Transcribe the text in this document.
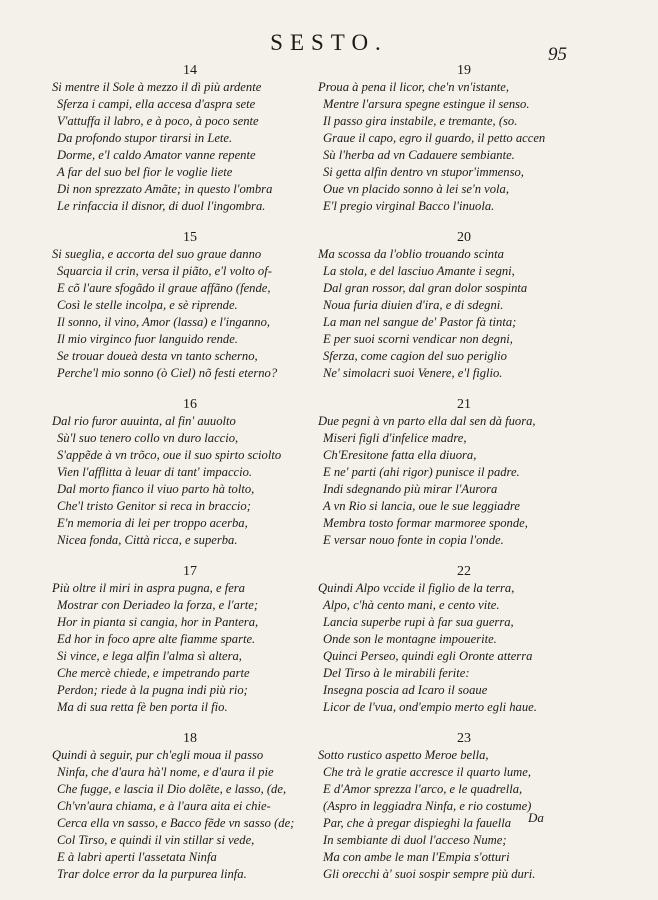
SESTO.	95
14
Si mentre il Sole à mezzo il dì più ardente
Sferza i campi, ella accesa d'aspra sete
V'attuffa il labro, e à poco, à poco sente
Da profondo stupor tirarsi in Lete.
Dorme, e'l caldo Amator vanne repente
A far del suo bel fior le voglie liete
Di non sprezzato Amãte; in questo l'ombra
Le rinfaccia il disnor, di duol l'ingombra.
15
Si sueglia, e accorta del suo graue danno
Squarcia il crin, versa il piãto, e'l volto of-
E cõ l'aure sfogãdo il graue affãno (fende,
Così le stelle incolpa, e sè riprende.
Il sonno, il vino, Amor (lassa) e l'inganno,
Il mio virginco fuor languido rende.
Se trouar doueà desta vn tanto scherno,
Perche'l mio sonno (ò Ciel) nõ festi eterno?
16
Dal rio furor auuinta, al fin' auuolto
Sù'l suo tenero collo vn duro laccio,
S'appẽde à vn trõco, oue il suo spirto sciolto
Vien l'afflitta à leuar di tant' impaccio.
Dal morto fianco il viuo parto hà tolto,
Che'l tristo Genitor si reca in braccio;
E'n memoria di lei per troppo acerba,
Nicea fonda, Città ricca, e superba.
17
Più oltre il miri in aspra pugna, e fera
Mostrar con Deriadeo la forza, e l'arte;
Hor in pianta si cangia, hor in Pantera,
Ed hor in foco apre alte fiamme sparte.
Si vince, e lega alfin l'alma sì altera,
Che mercè chiede, e impetrando parte
Perdon; riede à la pugna indi più rio;
Ma di sua retta fè ben porta il fio.
18
Quindi à seguir, pur ch'egli moua il passo
Ninfa, che d'aura hà'l nome, e d'aura il pie
Che fugge, e lascia il Dio dolẽte, e lasso, (de,
Ch'vn'aura chiama, e à l'aura aita ei chie-
Cerca ella vn sasso, e Bacco fẽde vn sasso (de;
Col Tirso, e quindi il vin stillar si vede,
E à labri aperti l'assetata Ninfa
Trar dolce error da la purpurea linfa.
19
Proua à pena il licor, che'n vn'istante,
Mentre l'arsura spegne estingue il senso.
Il passo gira instabile, e tremante, (so.
Graue il capo, egro il guardo, il petto accen
Sù l'herba ad vn Cadauere sembiante.
Si getta alfin dentro vn stupor'immenso,
Oue vn placido sonno à lei se'n vola,
E'l pregio virginal Bacco l'inuola.
20
Ma scossa da l'oblio trouando scinta
La stola, e del lasciuo Amante i segni,
Dal gran rossor, dal gran dolor sospinta
Noua furia diuien d'ira, e di sdegni.
La man nel sangue de' Pastor fà tinta;
E per suoi scorni vendicar non degni,
Sferza, come cagion del suo periglio
Ne' simolacri suoi Venere, e'l figlio.
21
Due pegni à vn parto ella dal sen dà fuora,
Miseri figli d'infelice madre,
Ch'Eresitone fatta ella diuora,
E ne' parti (ahi rigor) punisce il padre.
Indi sdegnando più mirar l'Aurora
A vn Rio si lancia, oue le sue leggiadre
Membra tosto formar marmoree sponde,
E versar nouo fonte in copia l'onde.
22
Quindi Alpo vccide il figlio de la terra,
Alpo, c'hà cento mani, e cento vite.
Lancia superbe rupi à far sua guerra,
Onde son le montagne impouerite.
Quinci Perseo, quindi egli Oronte atterra
Del Tirso à le mirabili ferite:
Insegna poscia ad Icaro il soaue
Licor de l'vua, ond'empio merto egli haue.
23
Sotto rustico aspetto Meroe bella,
Che trà le gratie accresce il quarto lume,
E d'Amor sprezza l'arco, e le quadrella,
(Aspro in leggiadra Ninfa, e rio costume)
Par, che à pregar dispieghi la fauella
In sembiante di duol l'acceso Nume;
Ma con ambe le man l'Empia s'otturi
Gli orecchi à' suoi sospir sempre più duri.
Da
